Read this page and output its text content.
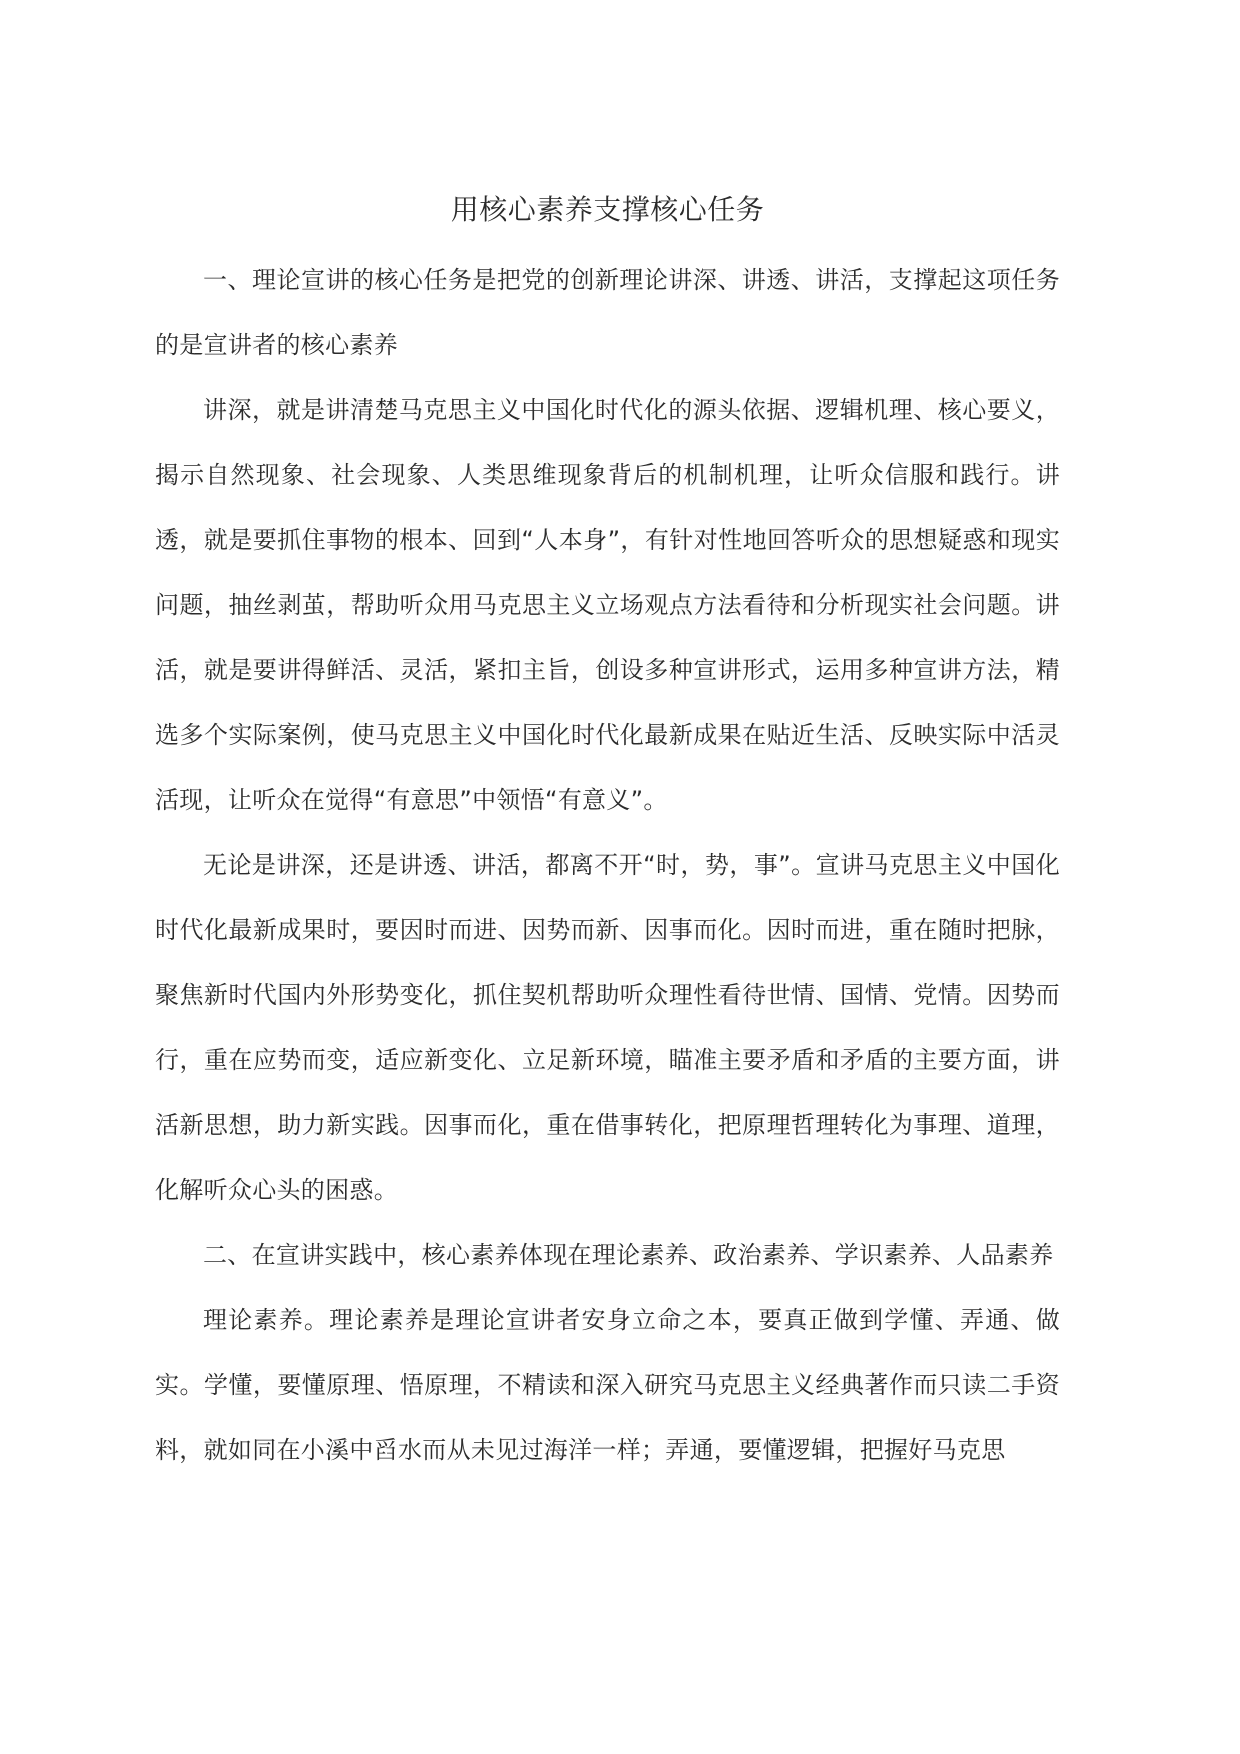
用核心素养支撑核心任务

一、理论宣讲的核心任务是把党的创新理论讲深、讲透、讲活，支撑起这项任务的是宣讲者的核心素养

讲深，就是讲清楚马克思主义中国化时代化的源头依据、逻辑机理、核心要义，揭示自然现象、社会现象、人类思维现象背后的机制机理，让听众信服和践行。讲透，就是要抓住事物的根本、回到“人本身”，有针对性地回答听众的思想疑惑和现实问题，抽丝剥茧，帮助听众用马克思主义立场观点方法看待和分析现实社会问题。讲活，就是要讲得鲜活、灵活，紧扣主旨，创设多种宣讲形式，运用多种宣讲方法，精选多个实际案例，使马克思主义中国化时代化最新成果在贴近生活、反映实际中活灵活现，让听众在觉得“有意思”中领悟“有意义”。

无论是讲深，还是讲透、讲活，都离不开“时，势，事”。宣讲马克思主义中国化时代化最新成果时，要因时而进、因势而新、因事而化。因时而进，重在随时把脉，聚焦新时代国内外形势变化，抓住契机帮助听众理性看待世情、国情、党情。因势而行，重在应势而变，适应新变化、立足新环境，瞄准主要矛盾和矛盾的主要方面，讲活新思想，助力新实践。因事而化，重在借事转化，把原理哲理转化为事理、道理，化解听众心头的困惑。

二、在宣讲实践中，核心素养体现在理论素养、政治素养、学识素养、人品素养

理论素养。理论素养是理论宣讲者安身立命之本，要真正做到学懂、弄通、做实。学懂，要懂原理、悟原理，不精读和深入研究马克思主义经典著作而只读二手资料，就如同在小溪中舀水而从未见过海洋一样；弄通，要懂逻辑，把握好马克思
